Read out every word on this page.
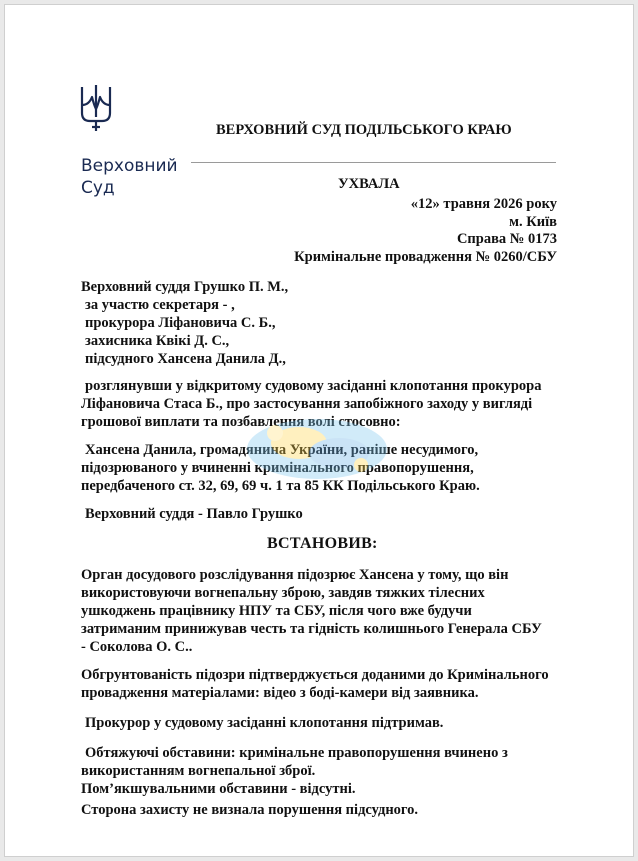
Верховний
Суд
ВЕРХОВНИЙ СУД ПОДІЛЬСЬКОГО КРАЮ
УХВАЛА
«12» травня 2026 року
м. Київ
Справа № 0173
Кримінальне провадження № 0260/СБУ
Верховний суддя Грушко П. М.,
за участю секретаря - ,
прокурора Ліфановича С. Б.,
захисника Квікі Д. С.,
підсудного Хансена Данила Д.,
розглянувши у відкритому судовому засіданні клопотання прокурора
Ліфановича Стаса Б., про застосування запобіжного заходу у вигляді
грошової виплати та позбавлення волі стосовно:
Хансена Данила, громадянина України, раніше несудимого,
підозрюваного у вчиненні кримінального правопорушення,
передбаченого ст. 32, 69, 69 ч. 1 та 85 КК Подільського Краю.
Верховний суддя - Павло Грушко
ВСТАНОВИВ:
Орган досудового розслідування підозрює Хансена у тому, що він
використовуючи вогнепальну зброю, завдяв тяжких тілесних
ушкоджень працівнику НПУ та СБУ, після чого вже будучи
затриманим принижував честь та гідність колишнього Генерала СБУ
- Соколова О. С..
Обгрунтованість підозри підтверджується доданими до Кримінального
провадження матеріалами: відео з боді-камери від заявника.
Прокурор у судовому засіданні клопотання підтримав.
Обтяжуючі обставини: кримінальне правопорушення вчинено з
використанням вогнепальної зброї.
Пом’якшувальними обставини - відсутні.
Сторона захисту не визнала порушення підсудного.
